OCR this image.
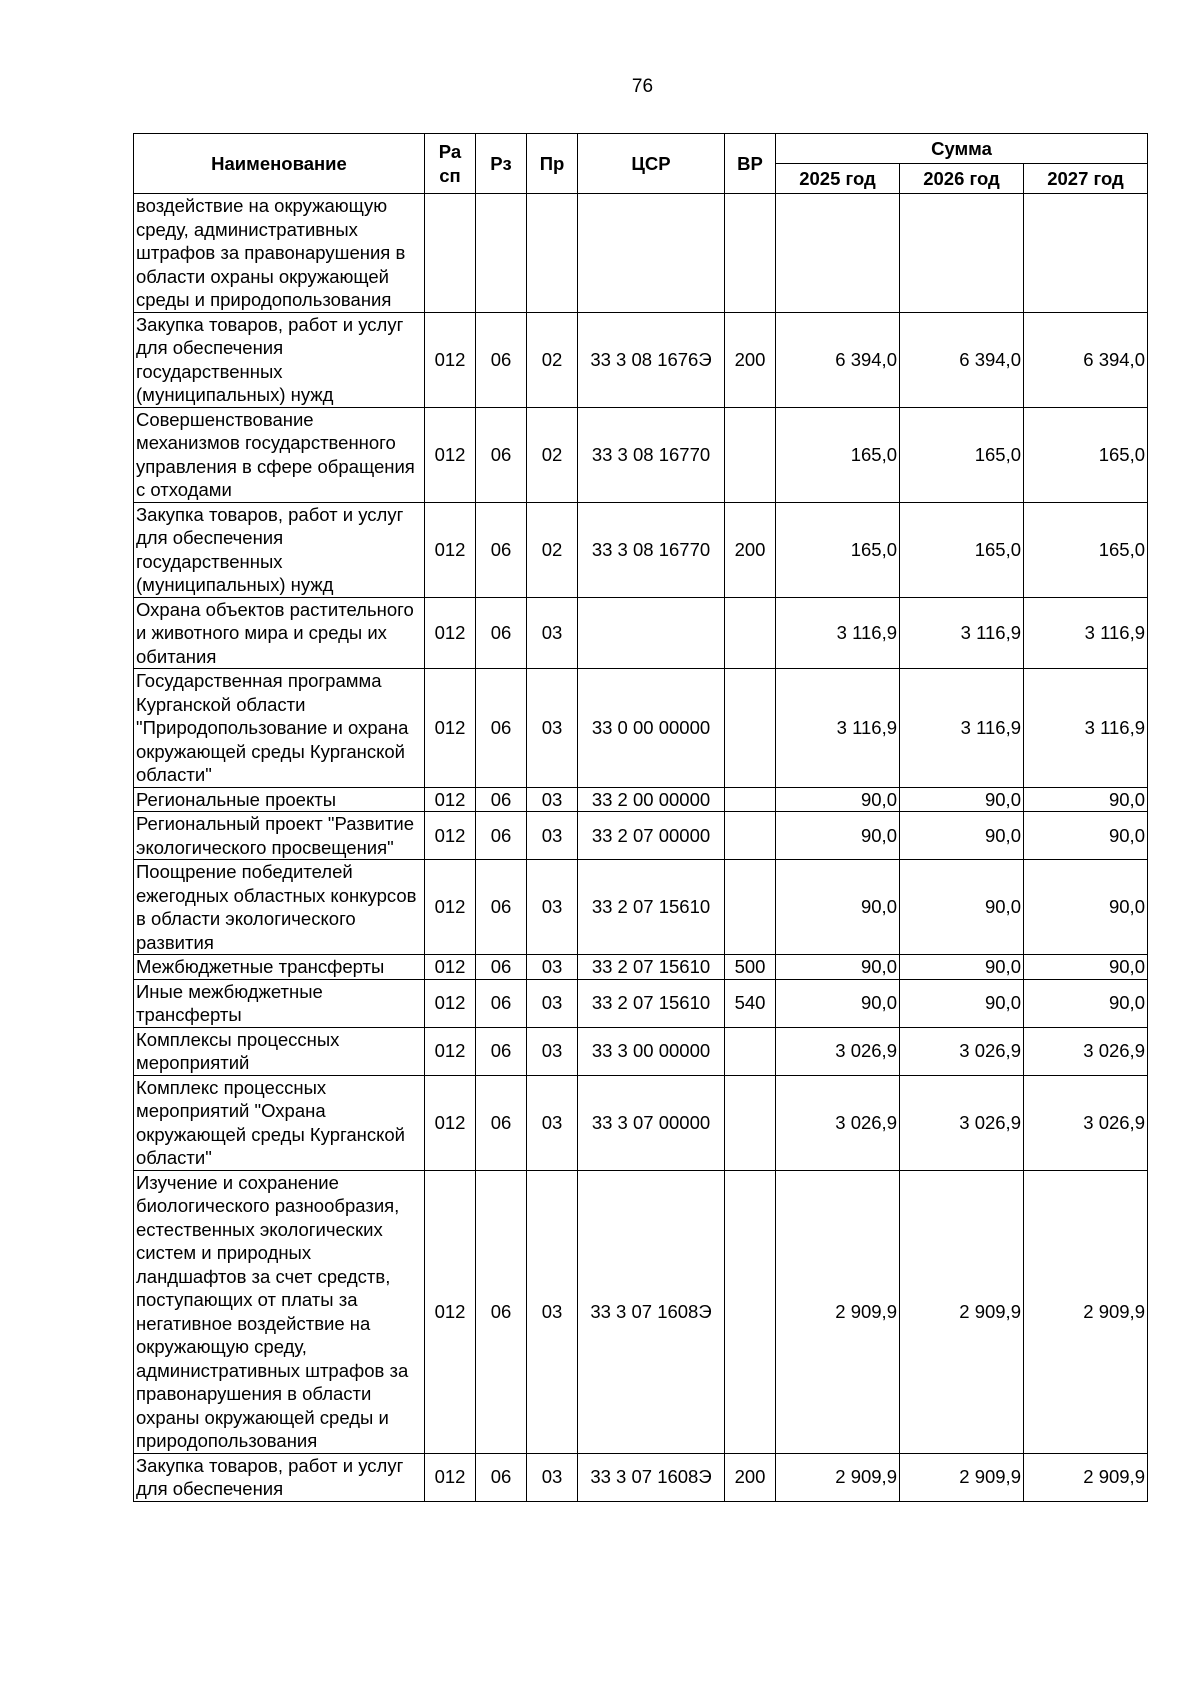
76
Наименование	Ра сп	Рз	Пр	ЦСР	ВР	Сумма		
						2025 год	2026 год	2027 год
воздействие на окружающую среду, административных штрафов за правонарушения в области охраны окружающей среды и природопользования								
Закупка товаров, работ и услуг для обеспечения государственных (муниципальных) нужд	012	06	02	33 3 08 1676Э	200	6 394,0	6 394,0	6 394,0
Совершенствование механизмов государственного управления в сфере обращения с отходами	012	06	02	33 3 08 16770		165,0	165,0	165,0
Закупка товаров, работ и услуг для обеспечения государственных (муниципальных) нужд	012	06	02	33 3 08 16770	200	165,0	165,0	165,0
Охрана объектов растительного и животного мира и среды их обитания	012	06	03			3 116,9	3 116,9	3 116,9
Государственная программа Курганской области "Природопользование и охрана окружающей среды Курганской области"	012	06	03	33 0 00 00000		3 116,9	3 116,9	3 116,9
Региональные проекты	012	06	03	33 2 00 00000		90,0	90,0	90,0
Региональный проект "Развитие экологического просвещения"	012	06	03	33 2 07 00000		90,0	90,0	90,0
Поощрение победителей ежегодных областных конкурсов в области экологического развития	012	06	03	33 2 07 15610		90,0	90,0	90,0
Межбюджетные трансферты	012	06	03	33 2 07 15610	500	90,0	90,0	90,0
Иные межбюджетные трансферты	012	06	03	33 2 07 15610	540	90,0	90,0	90,0
Комплексы процессных мероприятий	012	06	03	33 3 00 00000		3 026,9	3 026,9	3 026,9
Комплекс процессных мероприятий "Охрана окружающей среды Курганской области"	012	06	03	33 3 07 00000		3 026,9	3 026,9	3 026,9
Изучение и сохранение биологического разнообразия, естественных экологических систем и природных ландшафтов за счет средств, поступающих от платы за негативное воздействие на окружающую среду, административных штрафов за правонарушения в области охраны окружающей среды и природопользования	012	06	03	33 3 07 1608Э		2 909,9	2 909,9	2 909,9
Закупка товаров, работ и услуг для обеспечения	012	06	03	33 3 07 1608Э	200	2 909,9	2 909,9	2 909,9
